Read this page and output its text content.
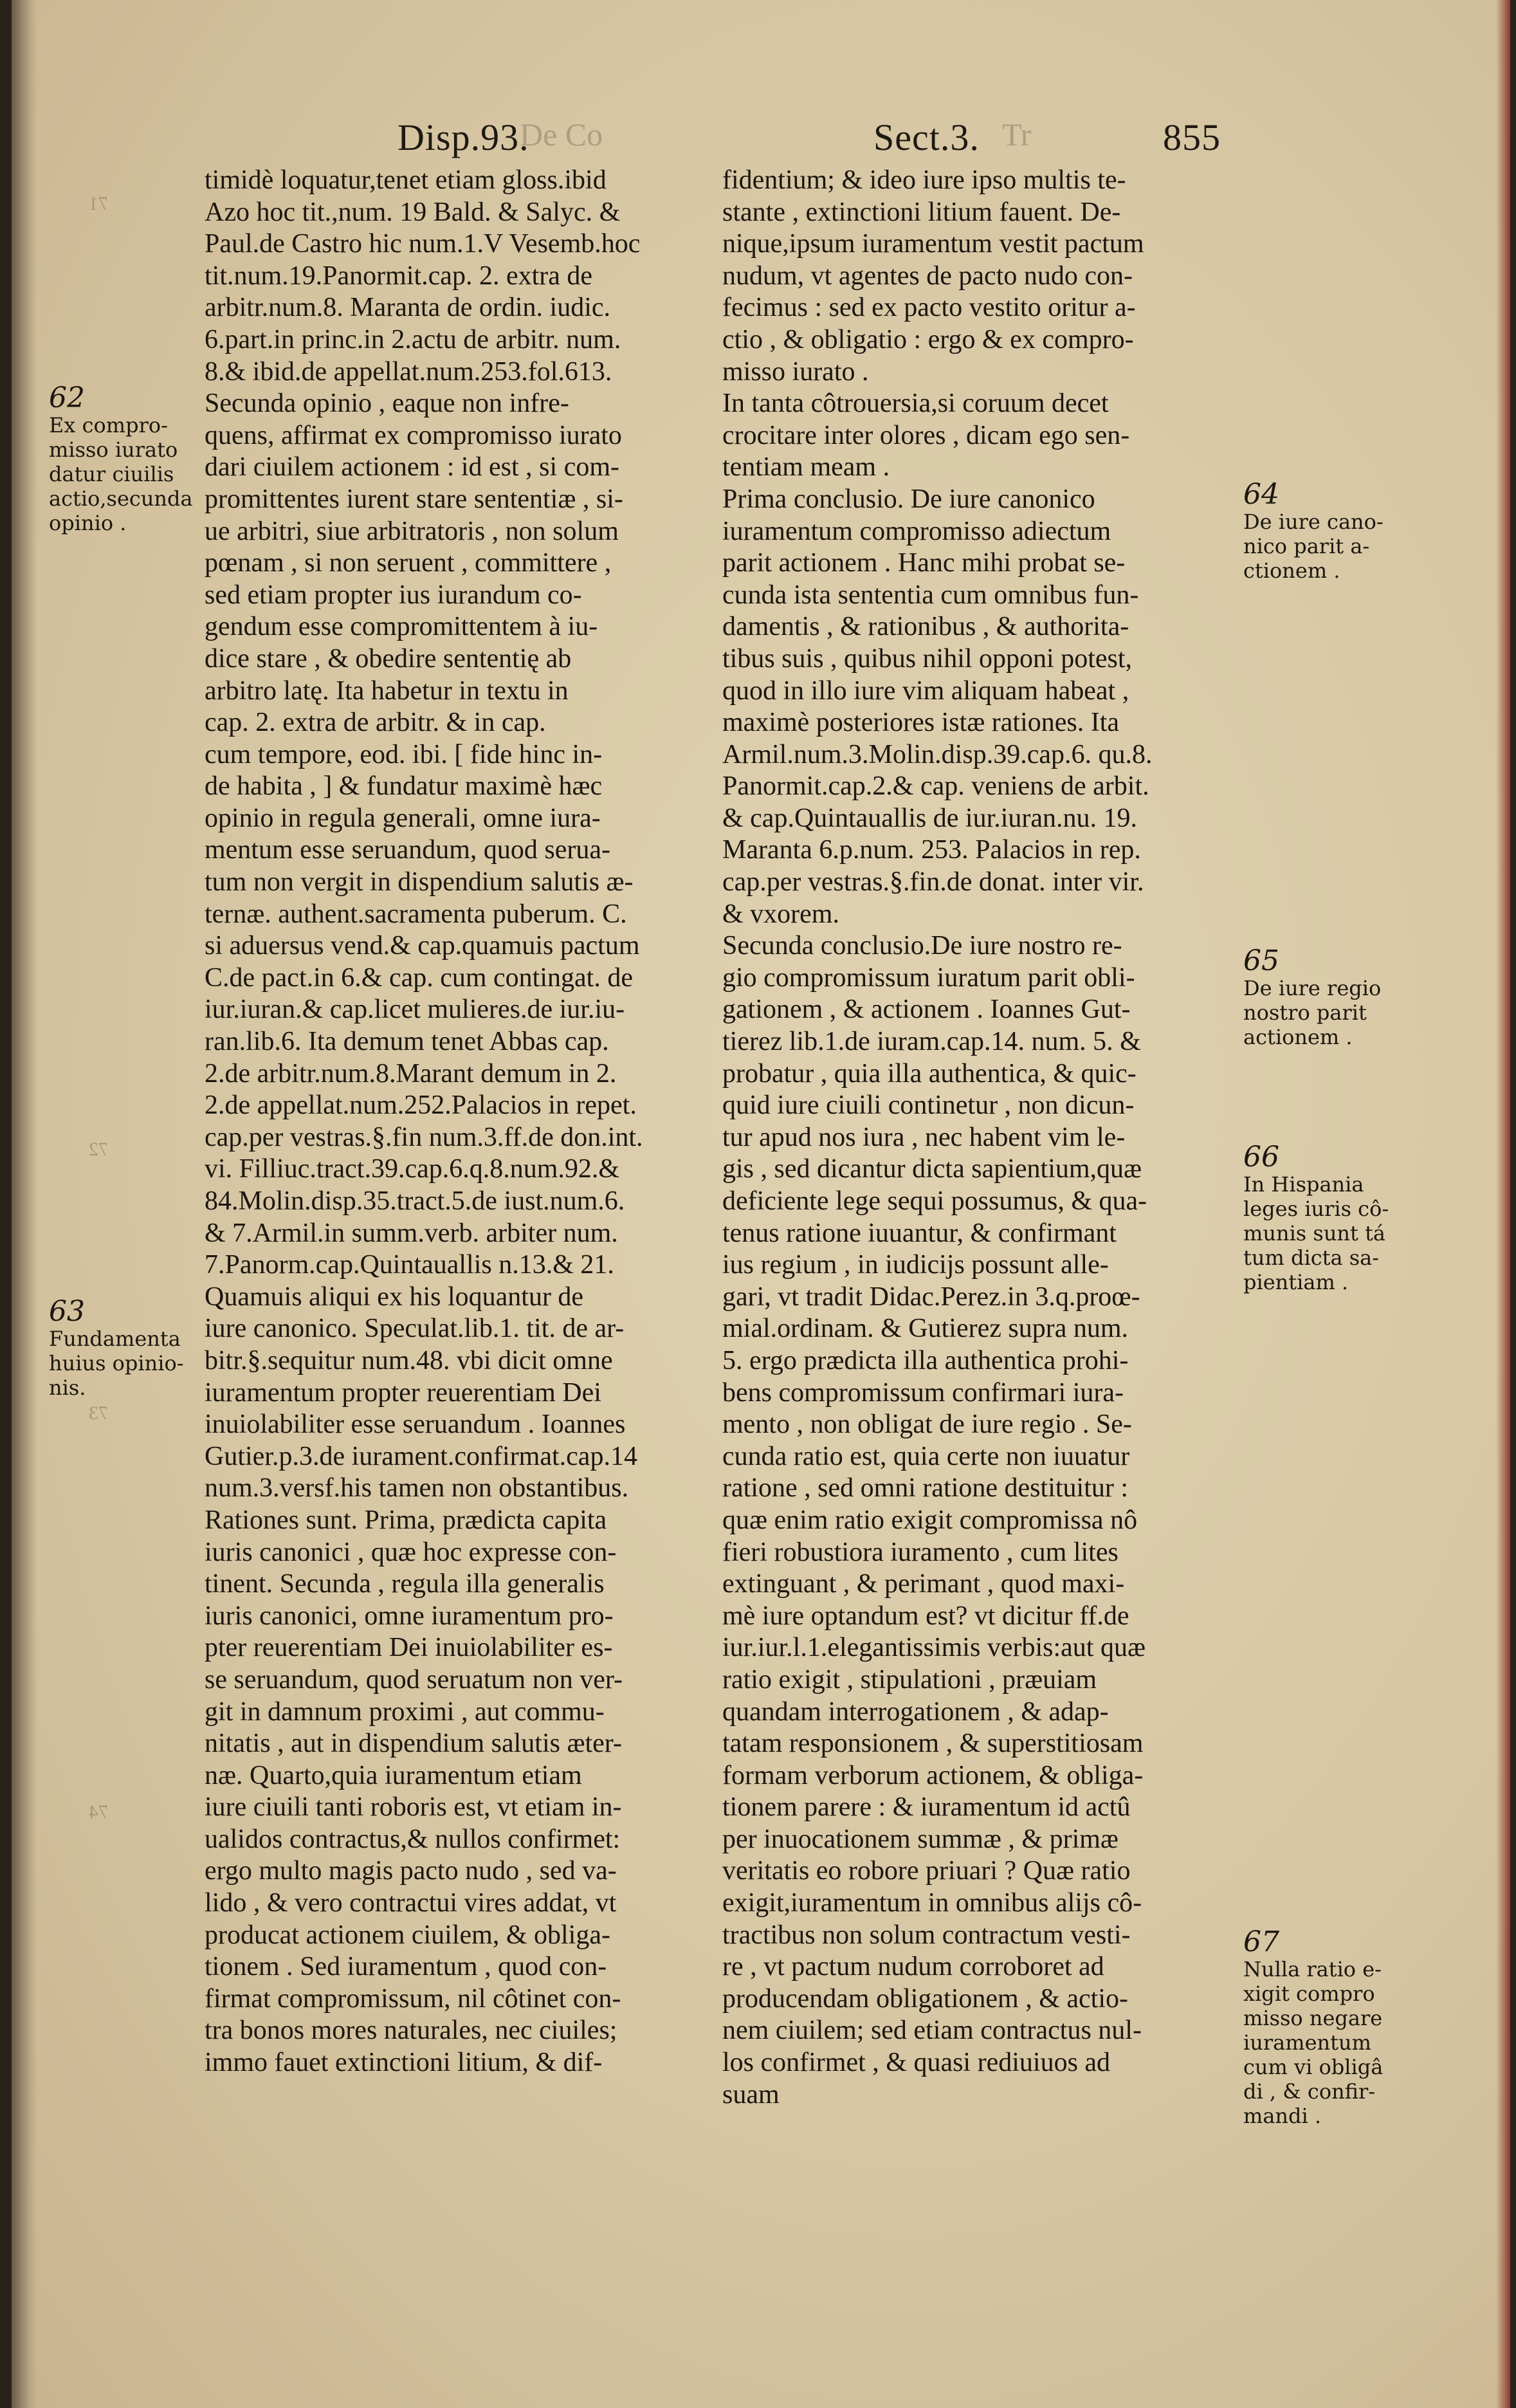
De Co	Tr
Disp.93.	Sect.3.	855
71
72
73
74
62
Ex compro-
misso iurato
datur ciuilis
actio,secunda
opinio .
63
Fundamenta
huius opinio-
nis.
64
De iure cano-
nico parit a-
ctionem .
65
De iure regio
nostro parit
actionem .
66
In Hispania
leges iuris cô-
munis sunt tá
tum dicta sa-
pientiam .
67
Nulla ratio e-
xigit compro
misso negare
iuramentum
cum vi obligâ
di , & confir-
mandi .
timidè loquatur,tenet etiam gloss.ibid
Azo hoc tit.,num. 19 Bald. & Salyc. &
Paul.de Castro hic num.1.V Vesemb.hoc
tit.num.19.Panormit.cap. 2. extra de
arbitr.num.8. Maranta de ordin. iudic.
6.part.in princ.in 2.actu de arbitr. num.
8.& ibid.de appellat.num.253.fol.613.
Secunda opinio , eaque non infre-
quens, affirmat ex compromisso iurato
dari ciuilem actionem : id est , si com-
promittentes iurent stare sententiæ , si-
ue arbitri, siue arbitratoris , non solum
pœnam , si non seruent , committere ,
sed etiam propter ius iurandum co-
gendum esse compromittentem à iu-
dice stare , & obedire sententię ab
arbitro latę. Ita habetur in textu in
cap. 2. extra de arbitr. & in cap.
cum tempore, eod. ibi. [ fide hinc in-
de habita , ] & fundatur maximè hæc
opinio in regula generali, omne iura-
mentum esse seruandum, quod serua-
tum non vergit in dispendium salutis æ-
ternæ. authent.sacramenta puberum. C.
si aduersus vend.& cap.quamuis pactum
C.de pact.in 6.& cap. cum contingat. de
iur.iuran.& cap.licet mulieres.de iur.iu-
ran.lib.6. Ita demum tenet Abbas cap.
2.de arbitr.num.8.Marant demum in 2.
2.de appellat.num.252.Palacios in repet.
cap.per vestras.§.fin num.3.ff.de don.int.
vi. Filliuc.tract.39.cap.6.q.8.num.92.&
84.Molin.disp.35.tract.5.de iust.num.6.
& 7.Armil.in summ.verb. arbiter num.
7.Panorm.cap.Quintauallis n.13.& 21.
Quamuis aliqui ex his loquantur de
iure canonico. Speculat.lib.1. tit. de ar-
bitr.§.sequitur num.48. vbi dicit omne
iuramentum propter reuerentiam Dei
inuiolabiliter esse seruandum . Ioannes
Gutier.p.3.de iurament.confirmat.cap.14
num.3.versf.his tamen non obstantibus.
Rationes sunt. Prima, prædicta capita
iuris canonici , quæ hoc expresse con-
tinent. Secunda , regula illa generalis
iuris canonici, omne iuramentum pro-
pter reuerentiam Dei inuiolabiliter es-
se seruandum, quod seruatum non ver-
git in damnum proximi , aut commu-
nitatis , aut in dispendium salutis æter-
næ. Quarto,quia iuramentum etiam
iure ciuili tanti roboris est, vt etiam in-
ualidos contractus,& nullos confirmet:
ergo multo magis pacto nudo , sed va-
lido , & vero contractui vires addat, vt
producat actionem ciuilem, & obliga-
tionem . Sed iuramentum , quod con-
firmat compromissum, nil côtinet con-
tra bonos mores naturales, nec ciuiles;
immo fauet extinctioni litium, & dif-
fidentium; & ideo iure ipso multis te-
stante , extinctioni litium fauent. De-
nique,ipsum iuramentum vestit pactum
nudum, vt agentes de pacto nudo con-
fecimus : sed ex pacto vestito oritur a-
ctio , & obligatio : ergo & ex compro-
misso iurato .
In tanta côtrouersia,si coruum decet
crocitare inter olores , dicam ego sen-
tentiam meam .
Prima conclusio. De iure canonico
iuramentum compromisso adiectum
parit actionem . Hanc mihi probat se-
cunda ista sententia cum omnibus fun-
damentis , & rationibus , & authorita-
tibus suis , quibus nihil opponi potest,
quod in illo iure vim aliquam habeat ,
maximè posteriores istæ rationes. Ita
Armil.num.3.Molin.disp.39.cap.6. qu.8.
Panormit.cap.2.& cap. veniens de arbit.
& cap.Quintauallis de iur.iuran.nu. 19.
Maranta 6.p.num. 253. Palacios in rep.
cap.per vestras.§.fin.de donat. inter vir.
& vxorem.
Secunda conclusio.De iure nostro re-
gio compromissum iuratum parit obli-
gationem , & actionem . Ioannes Gut-
tierez lib.1.de iuram.cap.14. num. 5. &
probatur , quia illa authentica, & quic-
quid iure ciuili continetur , non dicun-
tur apud nos iura , nec habent vim le-
gis , sed dicantur dicta sapientium,quæ
deficiente lege sequi possumus, & qua-
tenus ratione iuuantur, & confirmant
ius regium , in iudicijs possunt alle-
gari, vt tradit Didac.Perez.in 3.q.proœ-
mial.ordinam. & Gutierez supra num.
5. ergo prædicta illa authentica prohi-
bens compromissum confirmari iura-
mento , non obligat de iure regio . Se-
cunda ratio est, quia certe non iuuatur
ratione , sed omni ratione destituitur :
quæ enim ratio exigit compromissa nô
fieri robustiora iuramento , cum lites
extinguant , & perimant , quod maxi-
mè iure optandum est? vt dicitur ff.de
iur.iur.l.1.elegantissimis verbis:aut quæ
ratio exigit , stipulationi , præuiam
quandam interrogationem , & adap-
tatam responsionem , & superstitiosam
formam verborum actionem, & obliga-
tionem parere : & iuramentum id actû
per inuocationem summæ , & primæ
veritatis eo robore priuari ? Quæ ratio
exigit,iuramentum in omnibus alijs cô-
tractibus non solum contractum vesti-
re , vt pactum nudum corroboret ad
producendam obligationem , & actio-
nem ciuilem; sed etiam contractus nul-
los confirmet , & quasi rediuiuos ad
suam
